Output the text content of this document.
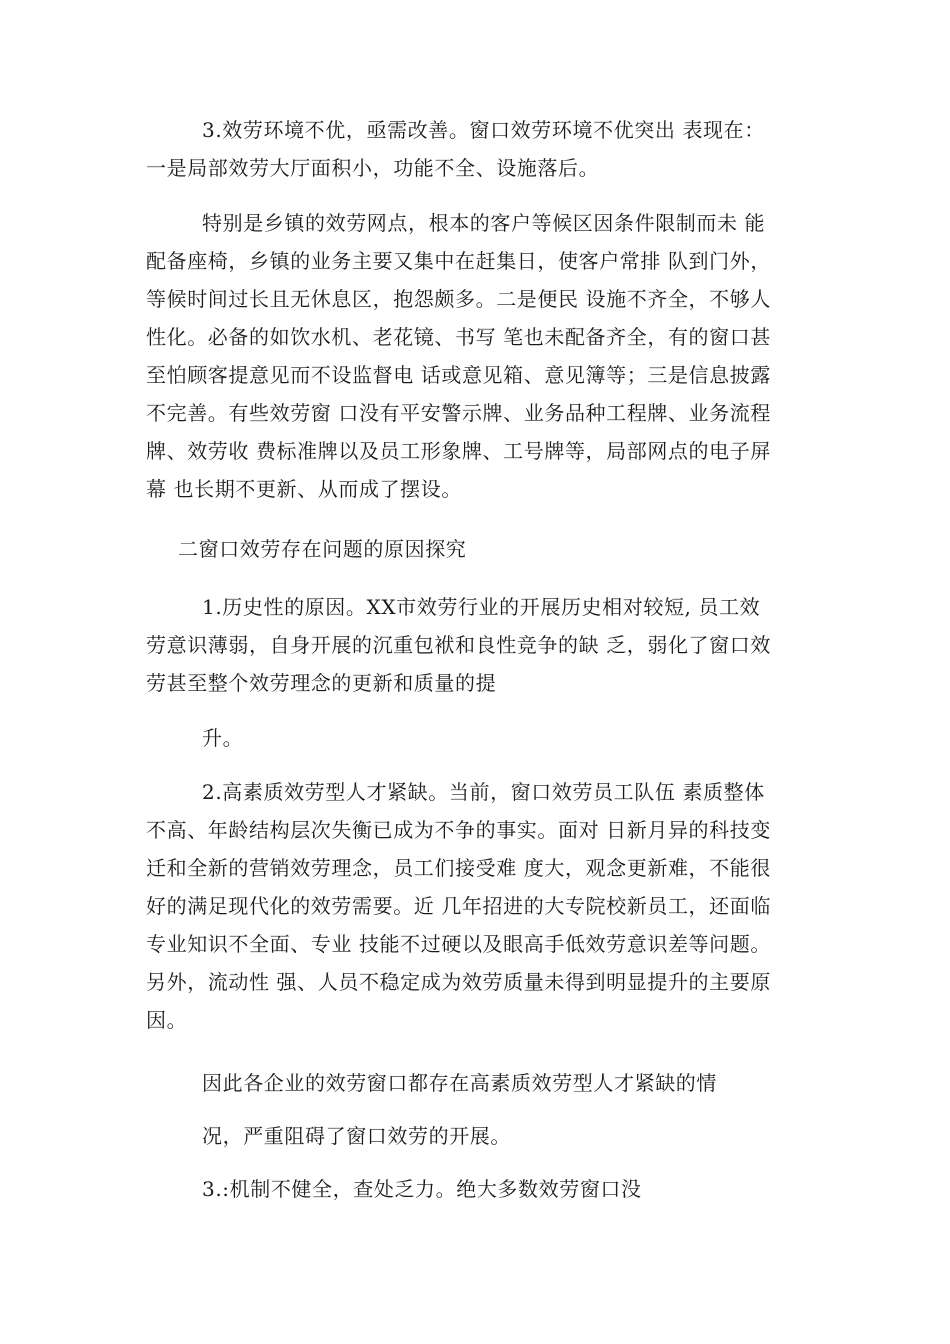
3.效劳环境不优，亟需改善。窗口效劳环境不优突出 表现在：
一是局部效劳大厅面积小，功能不全、设施落后。
特别是乡镇的效劳网点，根本的客户等候区因条件限制而未 能
配备座椅，乡镇的业务主要又集中在赶集日，使客户常排 队到门外，
等候时间过长且无休息区，抱怨颇多。二是便民 设施不齐全，不够人
性化。必备的如饮水机、老花镜、书写 笔也未配备齐全，有的窗口甚
至怕顾客提意见而不设监督电 话或意见箱、意见簿等；三是信息披露
不完善。有些效劳窗 口没有平安警示牌、业务品种工程牌、业务流程
牌、效劳收 费标准牌以及员工形象牌、工号牌等，局部网点的电子屏
幕 也长期不更新、从而成了摆设。
二窗口效劳存在问题的原因探究
1.历史性的原因。XX市效劳行业的开展历史相对较短, 员工效
劳意识薄弱，自身开展的沉重包袱和良性竞争的缺 乏，弱化了窗口效
劳甚至整个效劳理念的更新和质量的提
升。
2.高素质效劳型人才紧缺。当前，窗口效劳员工队伍 素质整体
不高、年龄结构层次失衡已成为不争的事实。面对 日新月异的科技变
迁和全新的营销效劳理念，员工们接受难 度大，观念更新难，不能很
好的满足现代化的效劳需要。近 几年招进的大专院校新员工，还面临
专业知识不全面、专业 技能不过硬以及眼高手低效劳意识差等问题。
另外，流动性 强、人员不稳定成为效劳质量未得到明显提升的主要原
因。
因此各企业的效劳窗口都存在高素质效劳型人才紧缺的情
况，严重阻碍了窗口效劳的开展。
3.:机制不健全，查处乏力。绝大多数效劳窗口没
